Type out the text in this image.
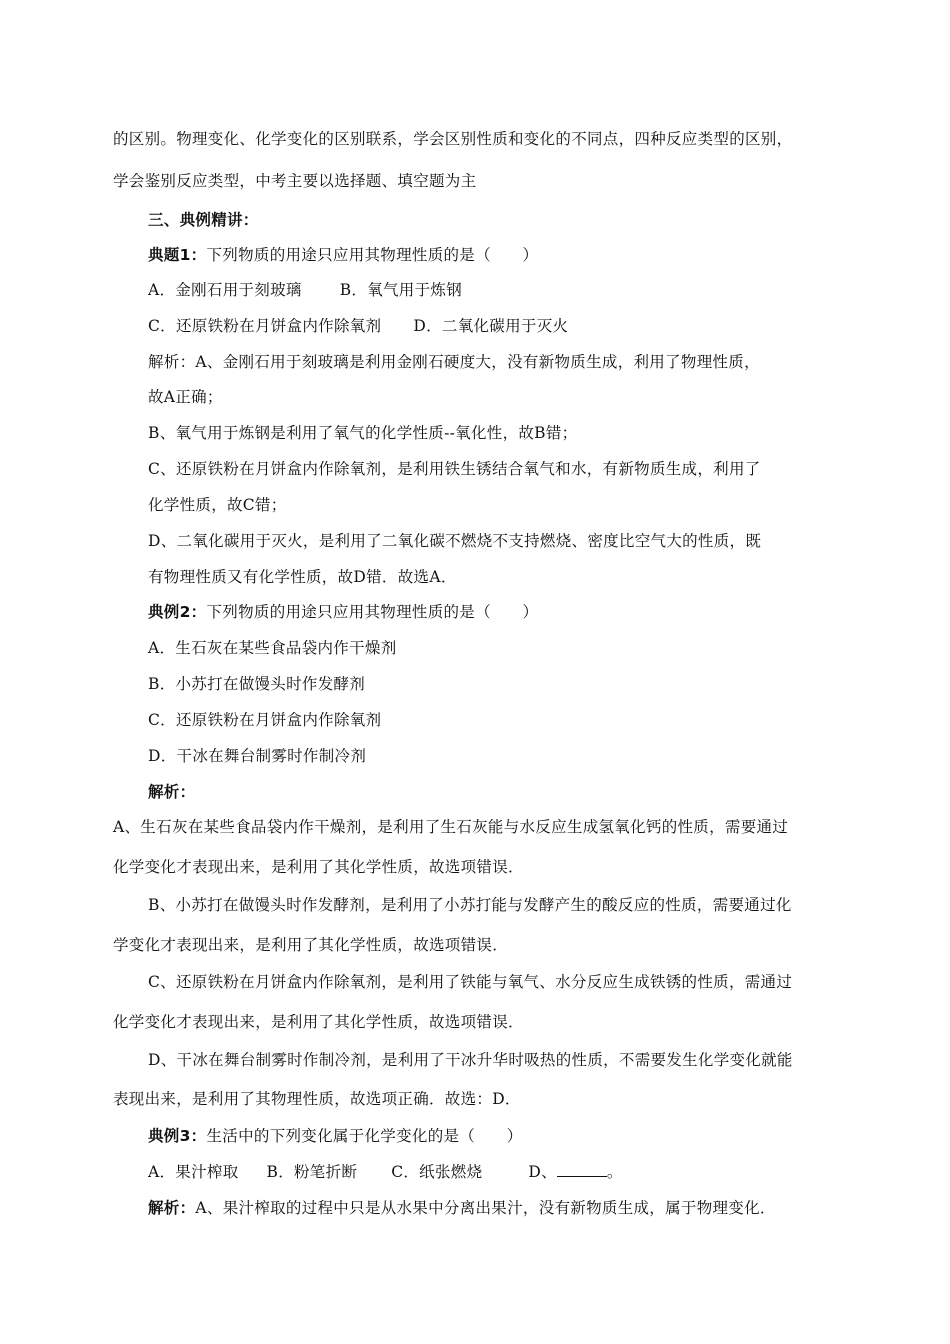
的区别。物理变化、化学变化的区别联系，学会区别性质和变化的不同点，四种反应类型的区别，
学会鉴别反应类型，中考主要以选择题、填空题为主
三、典例精讲：
典题1：下列物质的用途只应用其物理性质的是（　　）
A．金刚石用于刻玻璃 B．氧气用于炼钢
C．还原铁粉在月饼盒内作除氧剂 D．二氧化碳用于灭火
解析：A、金刚石用于刻玻璃是利用金刚石硬度大，没有新物质生成，利用了物理性质，
故A正确；
B、氧气用于炼钢是利用了氧气的化学性质--氧化性，故B错；
C、还原铁粉在月饼盒内作除氧剂，是利用铁生锈结合氧气和水，有新物质生成，利用了
化学性质，故C错；
D、二氧化碳用于灭火，是利用了二氧化碳不燃烧不支持燃烧、密度比空气大的性质，既
有物理性质又有化学性质，故D错．故选A．
典例2：下列物质的用途只应用其物理性质的是（　　）
A．生石灰在某些食品袋内作干燥剂
B．小苏打在做馒头时作发酵剂
C．还原铁粉在月饼盒内作除氧剂
D．干冰在舞台制雾时作制冷剂
解析：
A、生石灰在某些食品袋内作干燥剂，是利用了生石灰能与水反应生成氢氧化钙的性质，需要通过
化学变化才表现出来，是利用了其化学性质，故选项错误．
B、小苏打在做馒头时作发酵剂，是利用了小苏打能与发酵产生的酸反应的性质，需要通过化
学变化才表现出来，是利用了其化学性质，故选项错误．
C、还原铁粉在月饼盒内作除氧剂，是利用了铁能与氧气、水分反应生成铁锈的性质，需通过
化学变化才表现出来，是利用了其化学性质，故选项错误．
D、干冰在舞台制雾时作制冷剂，是利用了干冰升华时吸热的性质，不需要发生化学变化就能
表现出来，是利用了其物理性质，故选项正确．故选：D．
典例3：生活中的下列变化属于化学变化的是（　　）
A．果汁榨取 B．粉笔折断 C．纸张燃烧	D、	。
解析：A、果汁榨取的过程中只是从水果中分离出果汁，没有新物质生成，属于物理变化．
